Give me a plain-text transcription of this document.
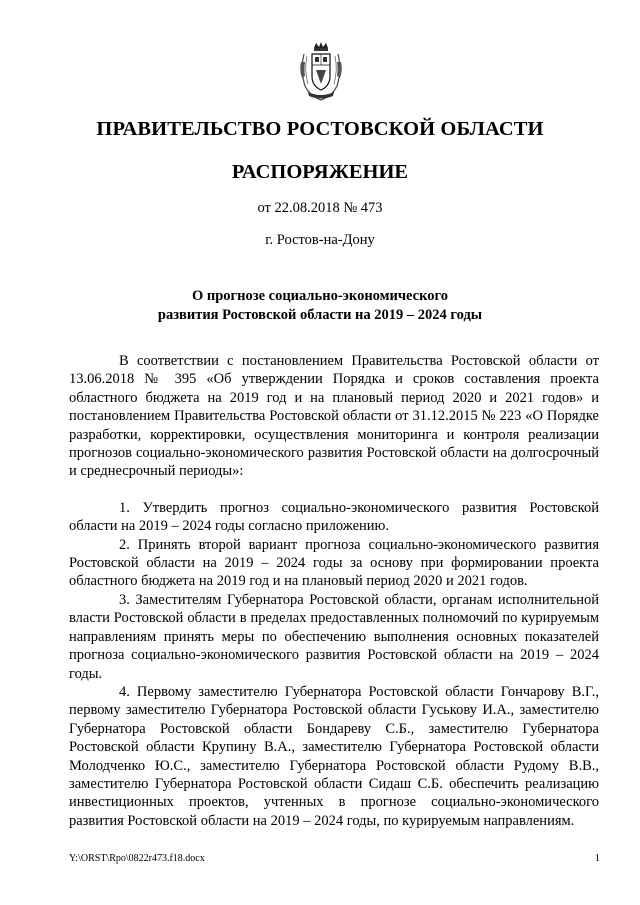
ПРАВИТЕЛЬСТВО РОСТОВСКОЙ ОБЛАСТИ
РАСПОРЯЖЕНИЕ
от 22.08.2018 № 473
г. Ростов-на-Дону
О прогнозе социально-экономического
развития Ростовской области на 2019 – 2024 годы

В соответствии с постановлением Правительства Ростовской области от 13.06.2018 № 395 «Об утверждении Порядка и сроков составления проекта областного бюджета на 2019 год и на плановый период 2020 и 2021 годов» и постановлением Правительства Ростовской области от 31.12.2015 № 223 «О Порядке разработки, корректировки, осуществления мониторинга и контроля реализации прогнозов социально-экономического развития Ростовской области на долгосрочный и среднесрочный периоды»:

1. Утвердить прогноз социально-экономического развития Ростовской области на 2019 – 2024 годы согласно приложению.

2. Принять второй вариант прогноза социально-экономического развития Ростовской области на 2019 – 2024 годы за основу при формировании проекта областного бюджета на 2019 год и на плановый период 2020 и 2021 годов.

3. Заместителям Губернатора Ростовской области, органам исполнительной власти Ростовской области в пределах предоставленных полномочий по курируемым направлениям принять меры по обеспечению выполнения основных показателей прогноза социально-экономического развития Ростовской области на 2019 – 2024 годы.

4. Первому заместителю Губернатора Ростовской области Гончарову В.Г., первому заместителю Губернатора Ростовской области Гуськову И.А., заместителю Губернатора Ростовской области Бондареву С.Б., заместителю Губернатора Ростовской области Крупину В.А., заместителю Губернатора Ростовской области Молодченко Ю.С., заместителю Губернатора Ростовской области Рудому В.В., заместителю Губернатора Ростовской области Сидаш С.Б. обеспечить реализацию инвестиционных проектов, учтенных в прогнозе социально-экономического развития Ростовской области на 2019 – 2024 годы, по курируемым направлениям.

Y:\ORST\Rpo\0822r473.f18.docx	1
